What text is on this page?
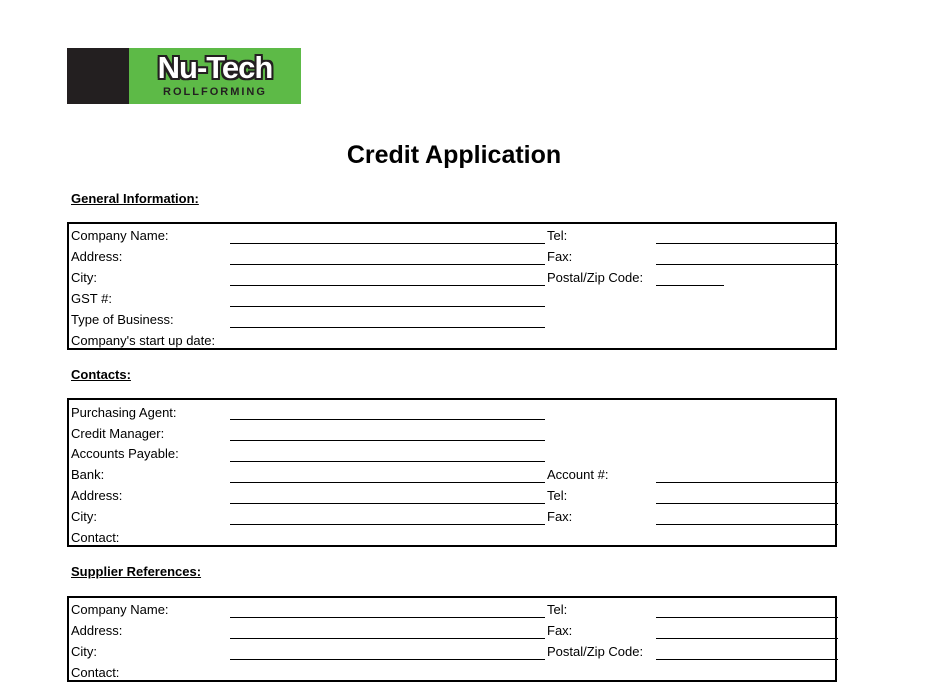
Nu-Tech
ROLLFORMING
Credit Application
General Information:
Company Name:
Address:
City:
GST #:
Type of Business:
Company's start up date:
Tel:
Fax:
Postal/Zip Code:
Contacts:
Purchasing Agent:
Credit Manager:
Accounts Payable:
Bank:
Address:
City:
Contact:
Account #:
Tel:
Fax:
Supplier References:
Company Name:
Address:
City:
Contact:
Tel:
Fax:
Postal/Zip Code:
